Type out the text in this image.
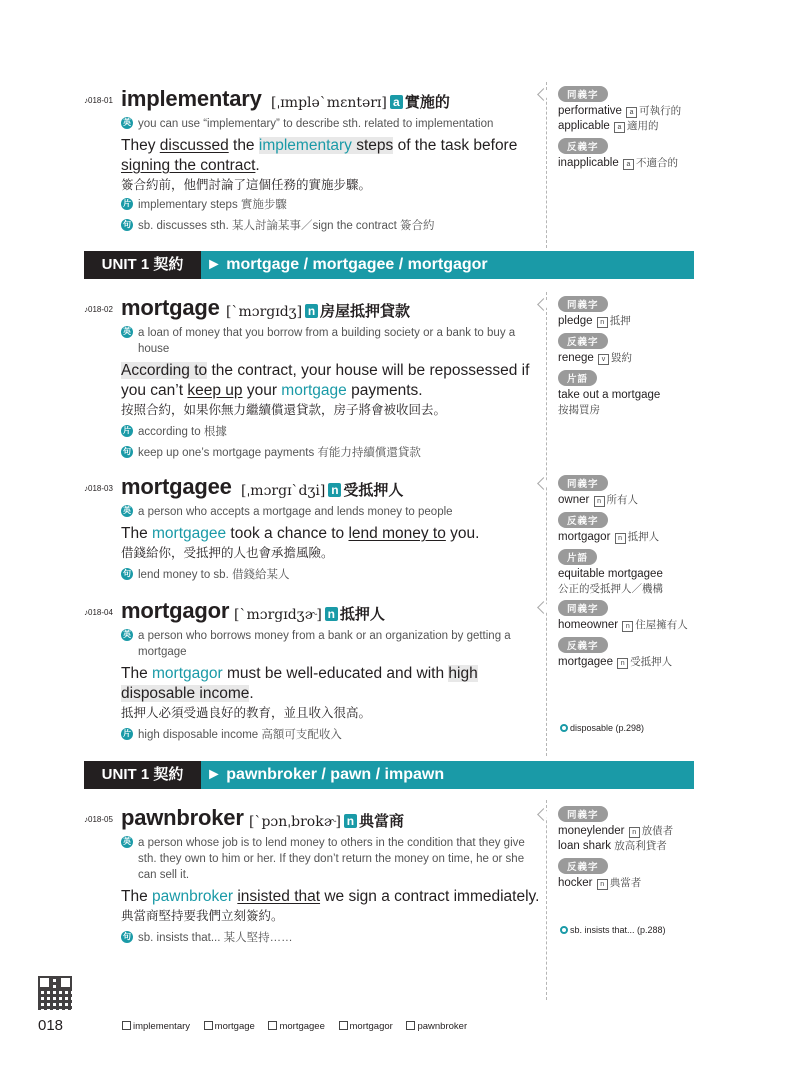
♪018-01 implementary [ˌɪmplə`mɛntərɪ] a 實施的
英 you can use “implementary” to describe sth. related to implementation
They discussed the implementary steps of the task before signing the contract.
簽合約前，他們討論了這個任務的實施步驟。
片 implementary steps 實施步驟
句 sb. discusses sth. 某人討論某事／sign the contract 簽合約
同義字
performative a 可執行的
applicable a 適用的
反義字
inapplicable a 不適合的
UNIT 1 契約	► mortgage / mortgagee / mortgagor
♪018-02 mortgage [`mɔrgɪdʒ] n 房屋抵押貸款
英 a loan of money that you borrow from a building society or a bank to buy a house
According to the contract, your house will be repossessed if you can’t keep up your mortgage payments.
按照合約，如果你無力繼續償還貸款，房子將會被收回去。
片 according to 根據
句 keep up one’s mortgage payments 有能力持續償還貸款
同義字
pledge n 抵押
反義字
renege v 毀約
片語
take out a mortgage
按揭買房
♪018-03 mortgagee [ˌmɔrgɪ`dʒi] n 受抵押人
英 a person who accepts a mortgage and lends money to people
The mortgagee took a chance to lend money to you.
借錢給你，受抵押的人也會承擔風險。
句 lend money to sb. 借錢給某人
同義字
owner n 所有人
反義字
mortgagor n 抵押人
片語
equitable mortgagee
公正的受抵押人／機構
♪018-04 mortgagor [`mɔrgɪdʒɚ] n 抵押人
英 a person who borrows money from a bank or an organization by getting a mortgage
The mortgagor must be well-educated and with high disposable income.
抵押人必須受過良好的教育，並且收入很高。
片 high disposable income 高額可支配收入
同義字
homeowner n 住屋擁有人
反義字
mortgagee n 受抵押人
disposable (p.298)
UNIT 1 契約	► pawnbroker / pawn / impawn
♪018-05 pawnbroker [`pɔnˌbrokɚ] n 典當商
英 a person whose job is to lend money to others in the condition that they give sth. they own to him or her. If they don’t return the money on time, he or she can sell it.
The pawnbroker insisted that we sign a contract immediately.
典當商堅持要我們立刻簽約。
句 sb. insists that... 某人堅持……
同義字
moneylender n 放債者
loan shark 放高利貸者
反義字
hocker n 典當者
sb. insists that... (p.288)
018	implementary	mortgage	mortgagee	mortgagor	pawnbroker
